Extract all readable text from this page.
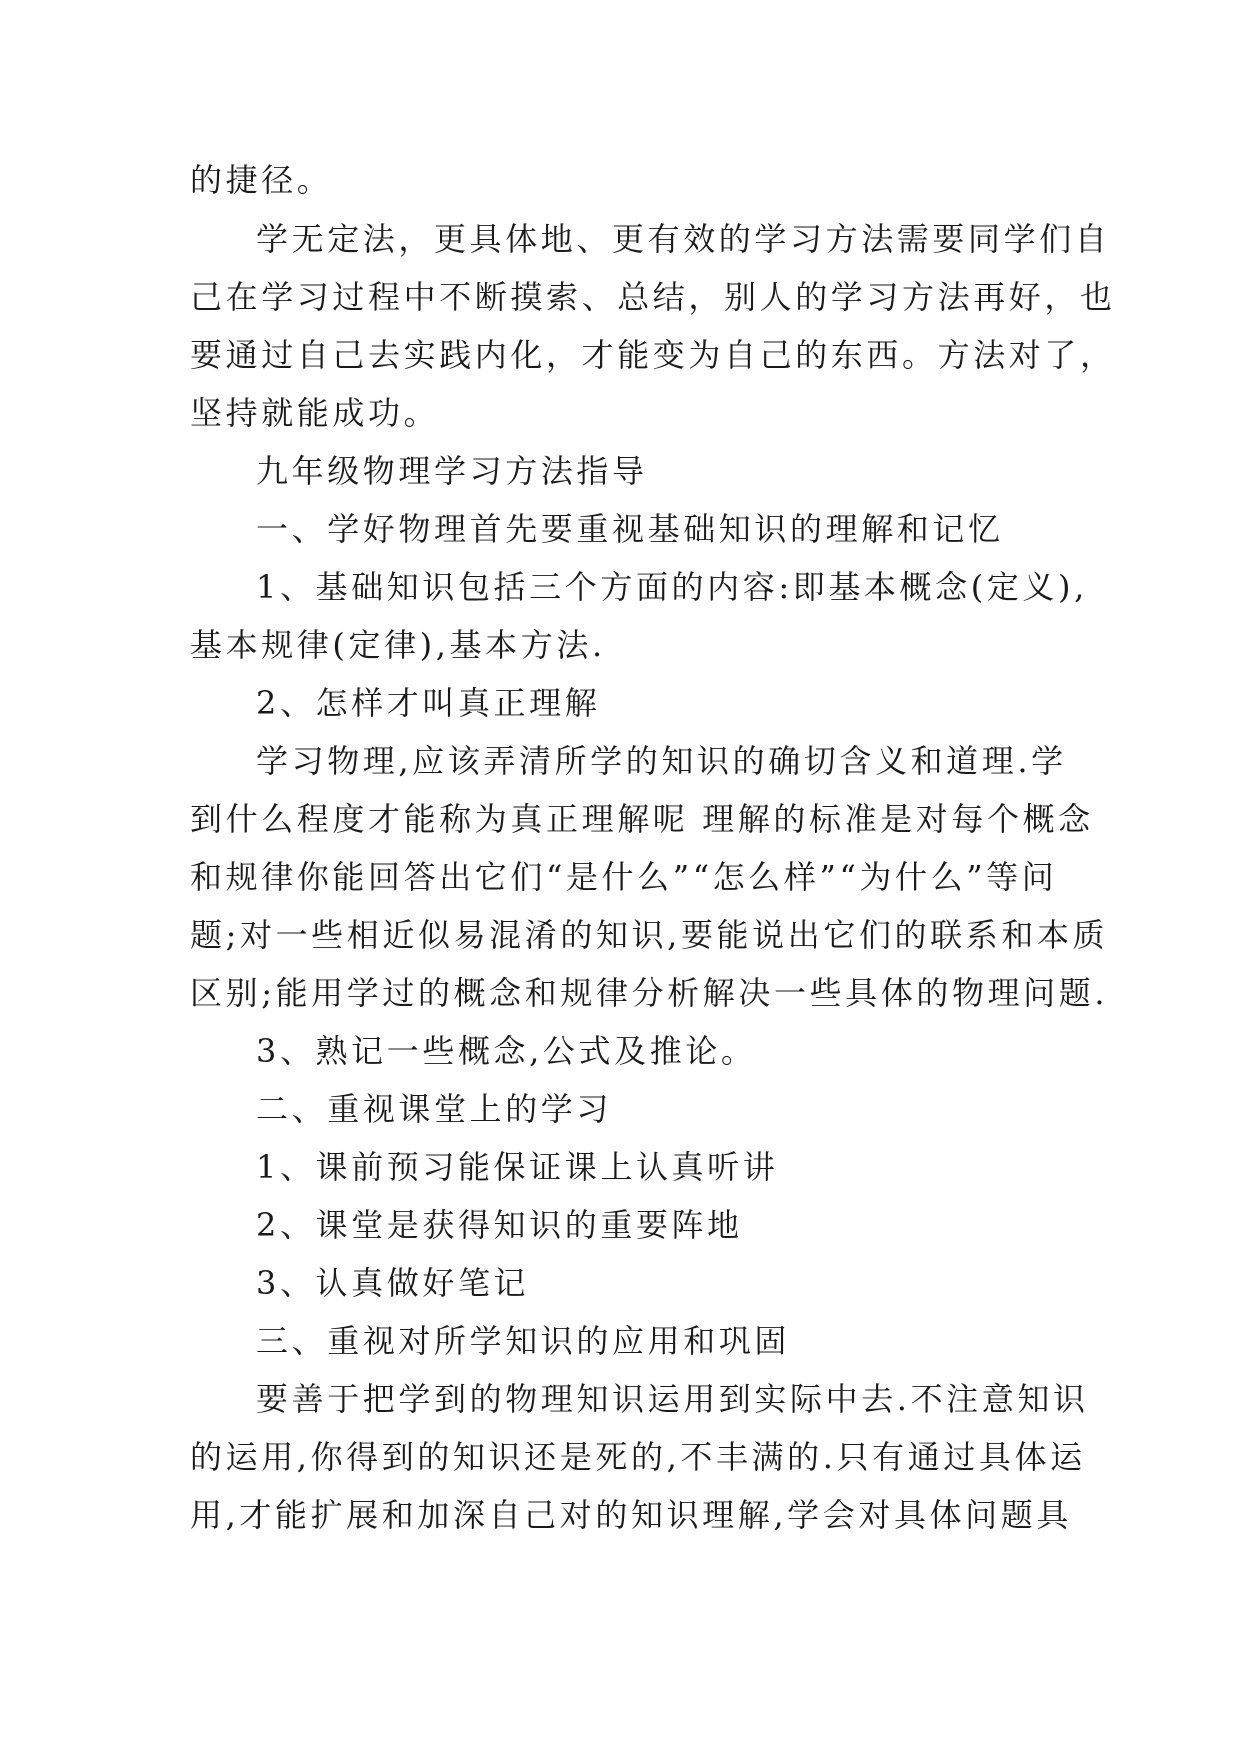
的捷径。
学无定法，更具体地、更有效的学习方法需要同学们自
己在学习过程中不断摸索、总结，别人的学习方法再好，也
要通过自己去实践内化，才能变为自己的东西。方法对了，
坚持就能成功。
九年级物理学习方法指导
一、学好物理首先要重视基础知识的理解和记忆
1、基础知识包括三个方面的内容:即基本概念(定义),
基本规律(定律),基本方法.
2、怎样才叫真正理解
学习物理,应该弄清所学的知识的确切含义和道理.学
到什么程度才能称为真正理解呢 理解的标准是对每个概念
和规律你能回答出它们“是什么”“怎么样”“为什么”等问
题;对一些相近似易混淆的知识,要能说出它们的联系和本质
区别;能用学过的概念和规律分析解决一些具体的物理问题.
3、熟记一些概念,公式及推论。
二、重视课堂上的学习
1、课前预习能保证课上认真听讲
2、课堂是获得知识的重要阵地
3、认真做好笔记
三、重视对所学知识的应用和巩固
要善于把学到的物理知识运用到实际中去.不注意知识
的运用,你得到的知识还是死的,不丰满的.只有通过具体运
用,才能扩展和加深自己对的知识理解,学会对具体问题具
